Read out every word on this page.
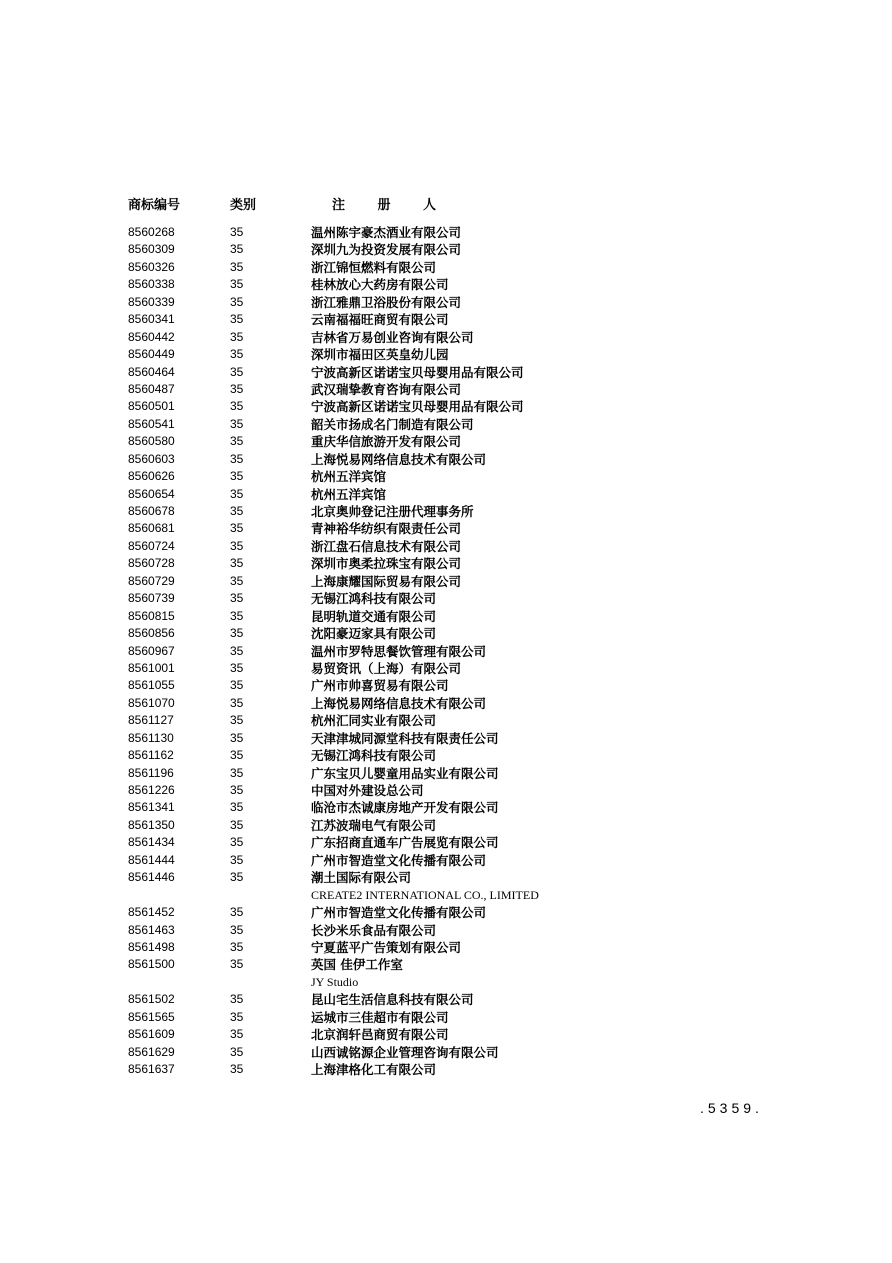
商标编号	类别	注 册 人
8560268	35	温州陈宇豪杰酒业有限公司
8560309	35	深圳九为投资发展有限公司
8560326	35	浙江锦恒燃料有限公司
8560338	35	桂林放心大药房有限公司
8560339	35	浙江雅鼎卫浴股份有限公司
8560341	35	云南福福旺商贸有限公司
8560442	35	吉林省万易创业咨询有限公司
8560449	35	深圳市福田区英皇幼儿园
8560464	35	宁波高新区诺诺宝贝母婴用品有限公司
8560487	35	武汉瑞挚教育咨询有限公司
8560501	35	宁波高新区诺诺宝贝母婴用品有限公司
8560541	35	韶关市扬成名门制造有限公司
8560580	35	重庆华信旅游开发有限公司
8560603	35	上海悦易网络信息技术有限公司
8560626	35	杭州五洋宾馆
8560654	35	杭州五洋宾馆
8560678	35	北京奥帅登记注册代理事务所
8560681	35	青神裕华纺织有限责任公司
8560724	35	浙江盘石信息技术有限公司
8560728	35	深圳市奥柔拉珠宝有限公司
8560729	35	上海康耀国际贸易有限公司
8560739	35	无锡江鸿科技有限公司
8560815	35	昆明轨道交通有限公司
8560856	35	沈阳豪迈家具有限公司
8560967	35	温州市罗特思餐饮管理有限公司
8561001	35	易贸资讯（上海）有限公司
8561055	35	广州市帅喜贸易有限公司
8561070	35	上海悦易网络信息技术有限公司
8561127	35	杭州汇同实业有限公司
8561130	35	天津津城同源堂科技有限责任公司
8561162	35	无锡江鸿科技有限公司
8561196	35	广东宝贝儿婴童用品实业有限公司
8561226	35	中国对外建设总公司
8561341	35	临沧市杰诚康房地产开发有限公司
8561350	35	江苏波瑞电气有限公司
8561434	35	广东招商直通车广告展览有限公司
8561444	35	广州市智造堂文化传播有限公司
8561446	35	潮土国际有限公司
CREATE2 INTERNATIONAL CO., LIMITED
8561452	35	广州市智造堂文化传播有限公司
8561463	35	长沙米乐食品有限公司
8561498	35	宁夏蓝平广告策划有限公司
8561500	35	英国 佳伊工作室
JY Studio
8561502	35	昆山宅生活信息科技有限公司
8561565	35	运城市三佳超市有限公司
8561609	35	北京润轩邑商贸有限公司
8561629	35	山西诚铭源企业管理咨询有限公司
8561637	35	上海津格化工有限公司
.5359.
